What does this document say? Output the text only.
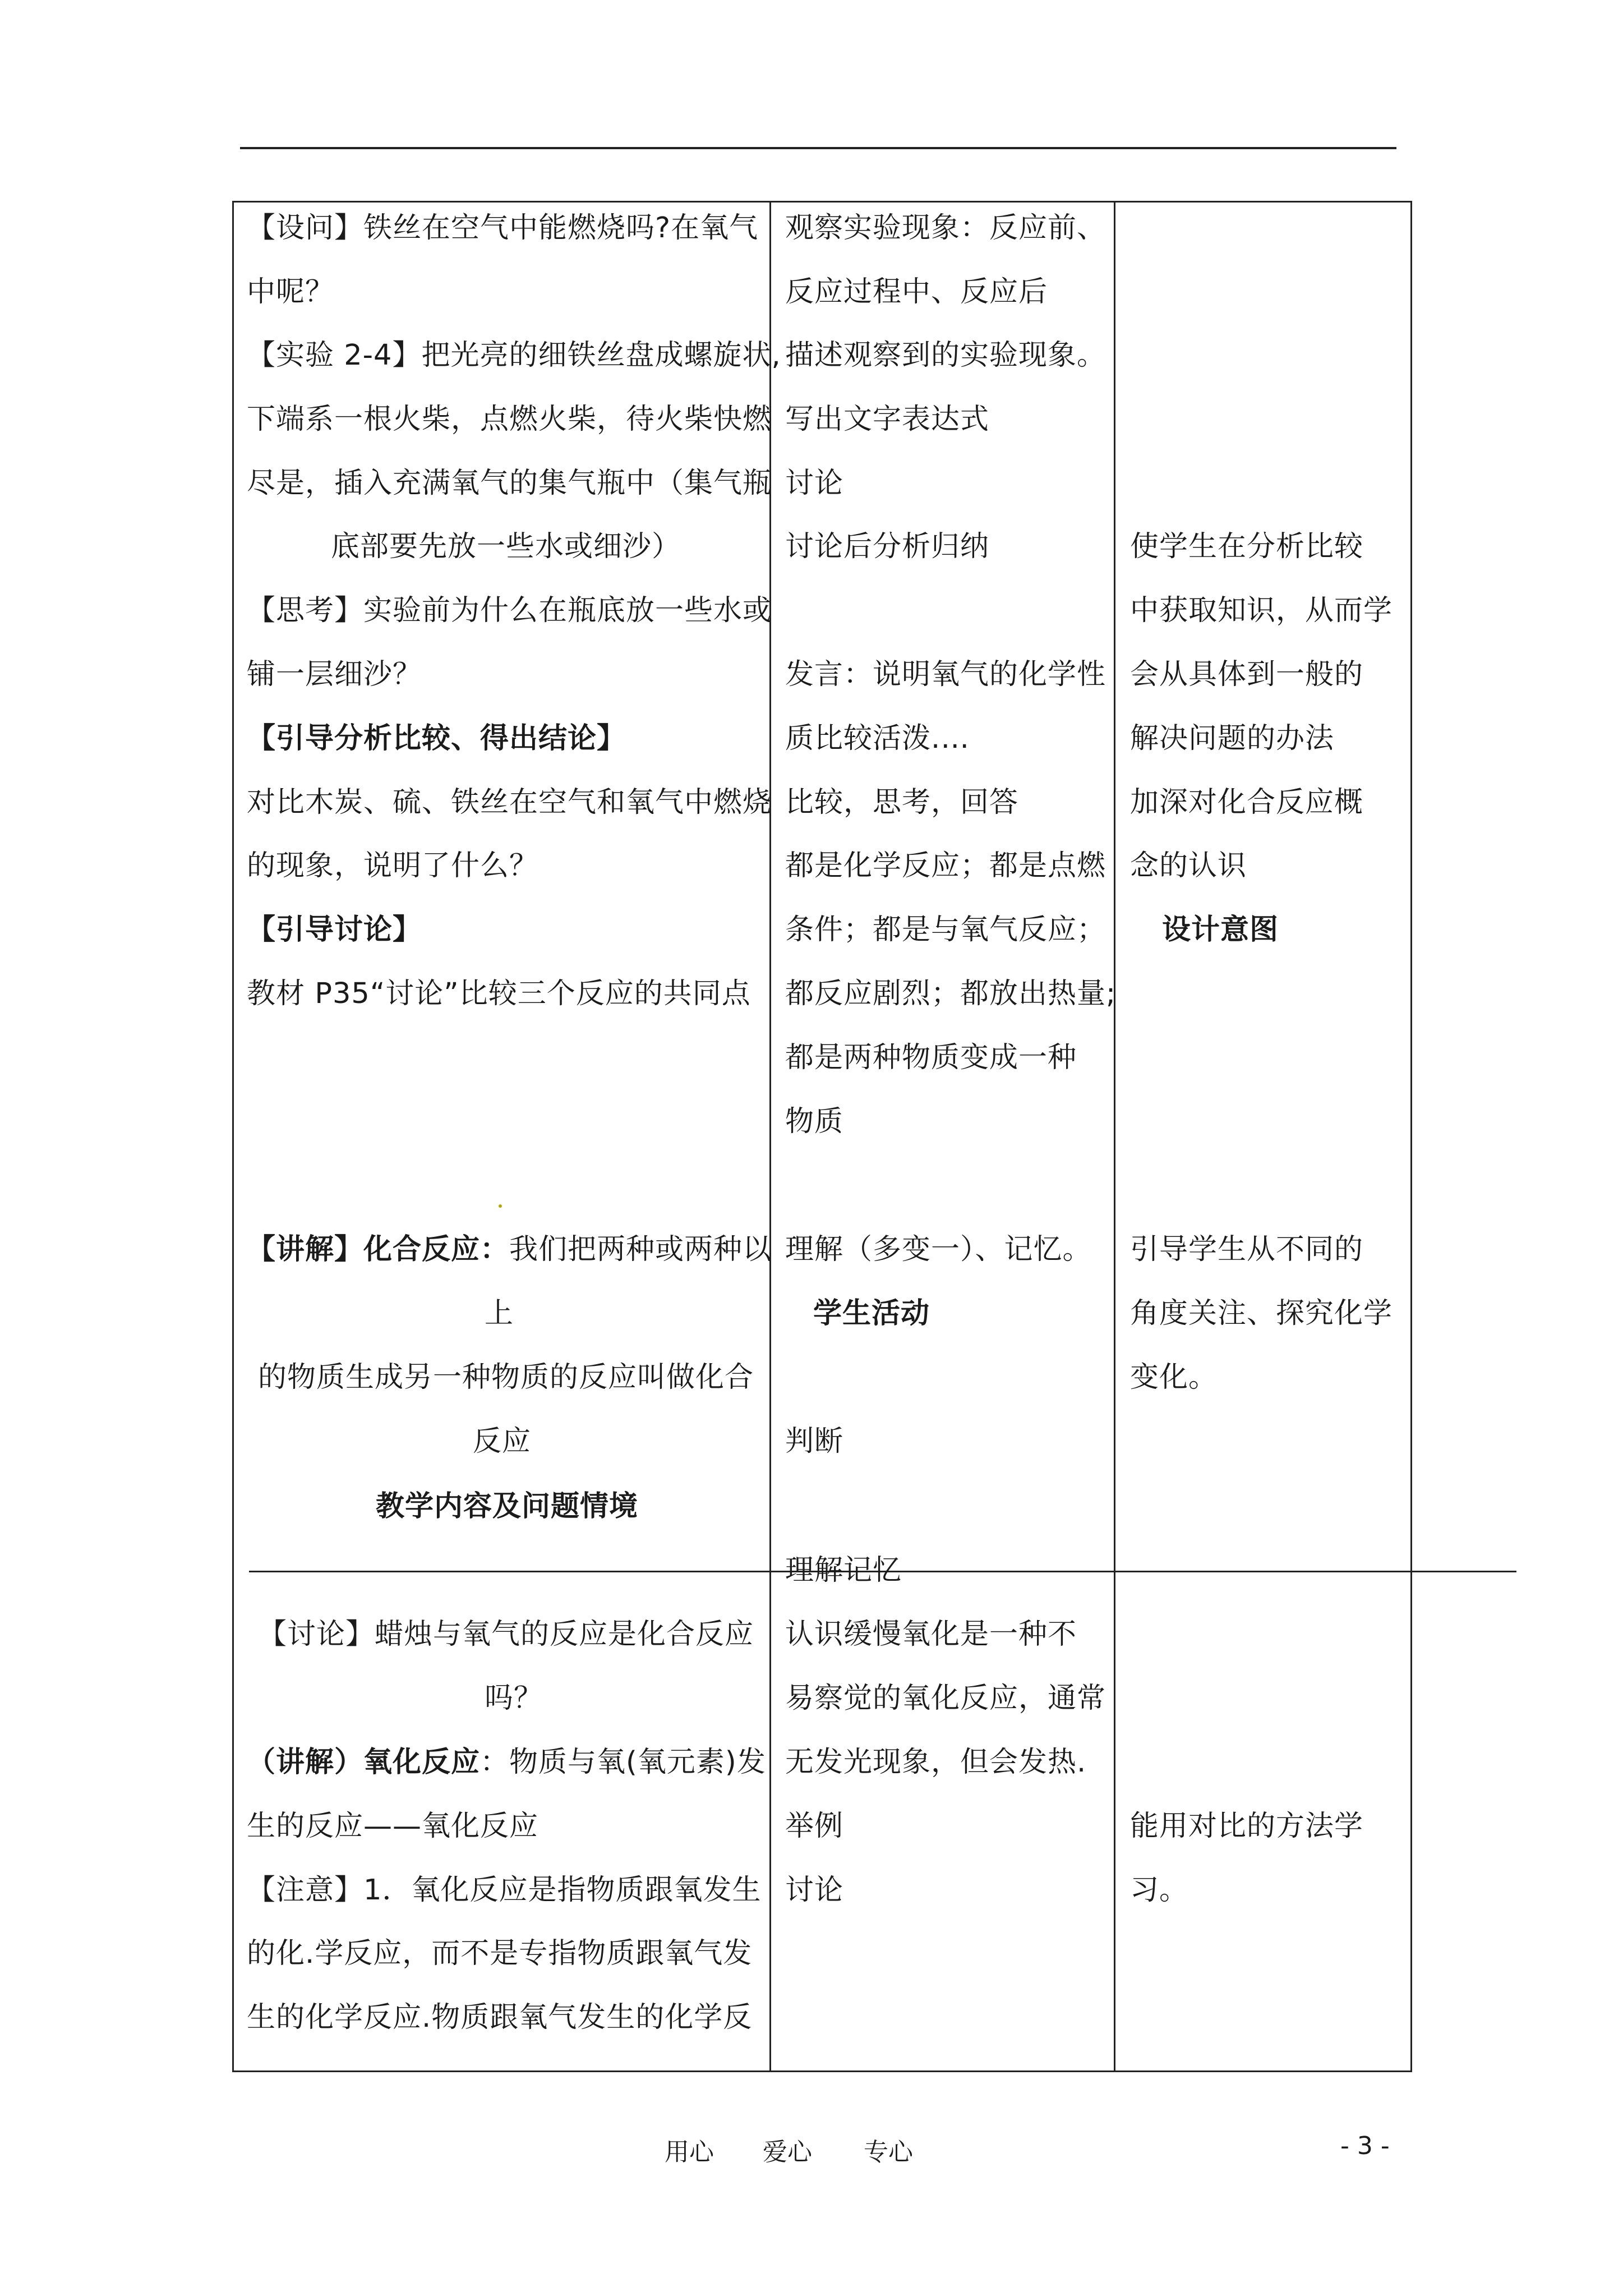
【设问】铁丝在空气中能燃烧吗?在氧气
中呢？
【实验 2-4】把光亮的细铁丝盘成螺旋状,
下端系一根火柴，点燃火柴，待火柴快燃
尽是，插入充满氧气的集气瓶中（集气瓶
底部要先放一些水或细沙）
【思考】实验前为什么在瓶底放一些水或
铺一层细沙？
【引导分析比较、得出结论】
对比木炭、硫、铁丝在空气和氧气中燃烧
的现象，说明了什么？
【引导讨论】
教材 P35“讨论”比较三个反应的共同点
【讲解】化合反应：我们把两种或两种以
上
的物质生成另一种物质的反应叫做化合
反应
教学内容及问题情境
【讨论】蜡烛与氧气的反应是化合反应
吗？
（讲解）氧化反应：物质与氧(氧元素)发
生的反应——氧化反应
【注意】1．氧化反应是指物质跟氧发生
的化.学反应，而不是专指物质跟氧气发
生的化学反应.物质跟氧气发生的化学反
观察实验现象：反应前、
反应过程中、反应后
描述观察到的实验现象。
写出文字表达式
讨论
讨论后分析归纳
发言：说明氧气的化学性
质比较活泼.…
比较，思考，回答
都是化学反应；都是点燃
条件；都是与氧气反应；
都反应剧烈；都放出热量;
都是两种物质变成一种
物质
理解（多变一）、记忆。
学生活动
判断
理解记忆
认识缓慢氧化是一种不
易察觉的氧化反应，通常
无发光现象，但会发热.
举例
讨论
使学生在分析比较
中获取知识，从而学
会从具体到一般的
解决问题的办法
加深对化合反应概
念的认识
设计意图
引导学生从不同的
角度关注、探究化学
变化。
能用对比的方法学
习。
用心 爱心 专心	- 3 -
